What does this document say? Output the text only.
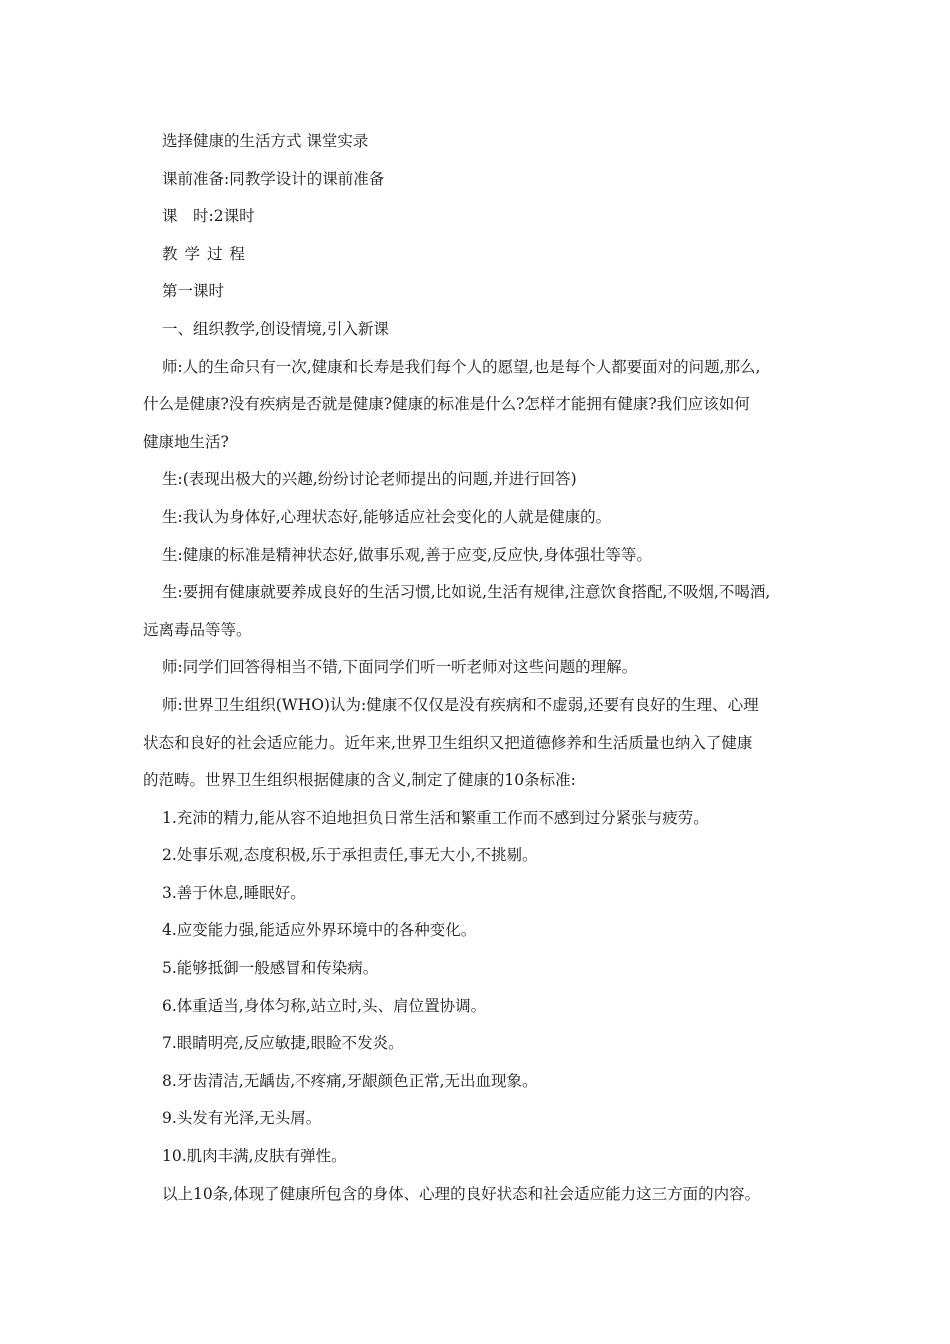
选择健康的生活方式 课堂实录
课前准备:同教学设计的课前准备
课　时:2课时
教学过程
第一课时
一、组织教学,创设情境,引入新课
师:人的生命只有一次,健康和长寿是我们每个人的愿望,也是每个人都要面对的问题,那么,
什么是健康?没有疾病是否就是健康?健康的标准是什么?怎样才能拥有健康?我们应该如何
健康地生活?
生:(表现出极大的兴趣,纷纷讨论老师提出的问题,并进行回答)
生:我认为身体好,心理状态好,能够适应社会变化的人就是健康的。
生:健康的标准是精神状态好,做事乐观,善于应变,反应快,身体强壮等等。
生:要拥有健康就要养成良好的生活习惯,比如说,生活有规律,注意饮食搭配,不吸烟,不喝酒,
远离毒品等等。
师:同学们回答得相当不错,下面同学们听一听老师对这些问题的理解。
师:世界卫生组织(WHO)认为:健康不仅仅是没有疾病和不虚弱,还要有良好的生理、心理
状态和良好的社会适应能力。近年来,世界卫生组织又把道德修养和生活质量也纳入了健康
的范畴。世界卫生组织根据健康的含义,制定了健康的10条标准:
1.充沛的精力,能从容不迫地担负日常生活和繁重工作而不感到过分紧张与疲劳。
2.处事乐观,态度积极,乐于承担责任,事无大小,不挑剔。
3.善于休息,睡眠好。
4.应变能力强,能适应外界环境中的各种变化。
5.能够抵御一般感冒和传染病。
6.体重适当,身体匀称,站立时,头、肩位置协调。
7.眼睛明亮,反应敏捷,眼睑不发炎。
8.牙齿清洁,无龋齿,不疼痛,牙龈颜色正常,无出血现象。
9.头发有光泽,无头屑。
10.肌肉丰满,皮肤有弹性。
以上10条,体现了健康所包含的身体、心理的良好状态和社会适应能力这三方面的内容。
